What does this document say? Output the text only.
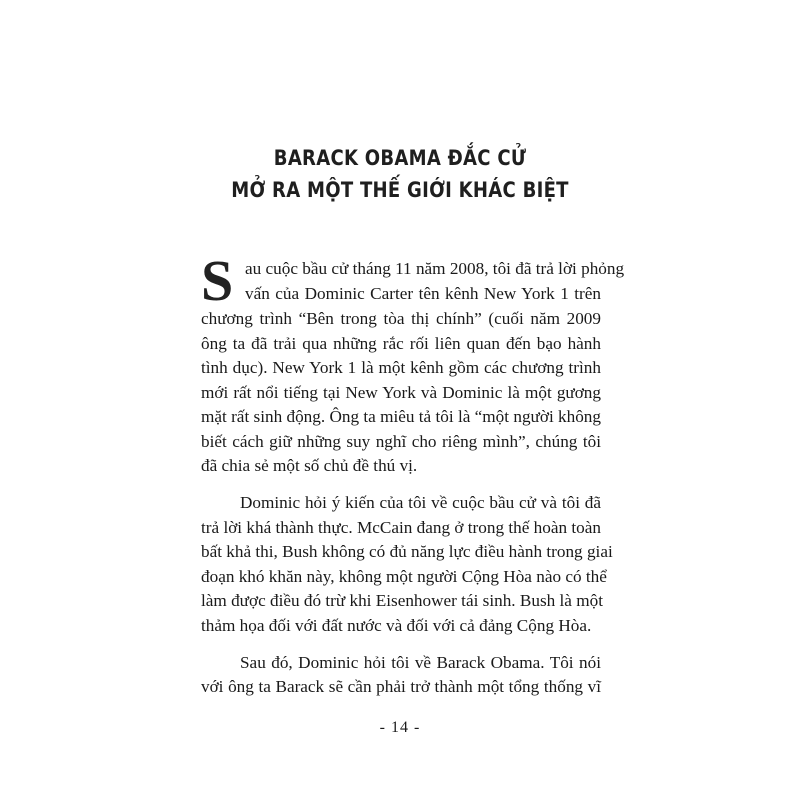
BARACK OBAMA ĐẮC CỬ
MỞ RA MỘT THẾ GIỚI KHÁC BIỆT
S au cuộc bầu cử tháng 11 năm 2008, tôi đã trả lời phỏng
vấn của Dominic Carter tên kênh New York 1 trên
chương trình “Bên trong tòa thị chính” (cuối năm 2009
ông ta đã trải qua những rắc rối liên quan đến bạo hành
tình dục). New York 1 là một kênh gồm các chương trình
mới rất nổi tiếng tại New York và Dominic là một gương
mặt rất sinh động. Ông ta miêu tả tôi là “một người không
biết cách giữ những suy nghĩ cho riêng mình”, chúng tôi
đã chia sẻ một số chủ đề thú vị.
Dominic hỏi ý kiến của tôi về cuộc bầu cử và tôi đã
trả lời khá thành thực. McCain đang ở trong thế hoàn toàn
bất khả thi, Bush không có đủ năng lực điều hành trong giai
đoạn khó khăn này, không một người Cộng Hòa nào có thể
làm được điều đó trừ khi Eisenhower tái sinh. Bush là một
thảm họa đối với đất nước và đối với cả đảng Cộng Hòa.
Sau đó, Dominic hỏi tôi về Barack Obama. Tôi nói
với ông ta Barack sẽ cần phải trở thành một tổng thống vĩ
- 14 -
